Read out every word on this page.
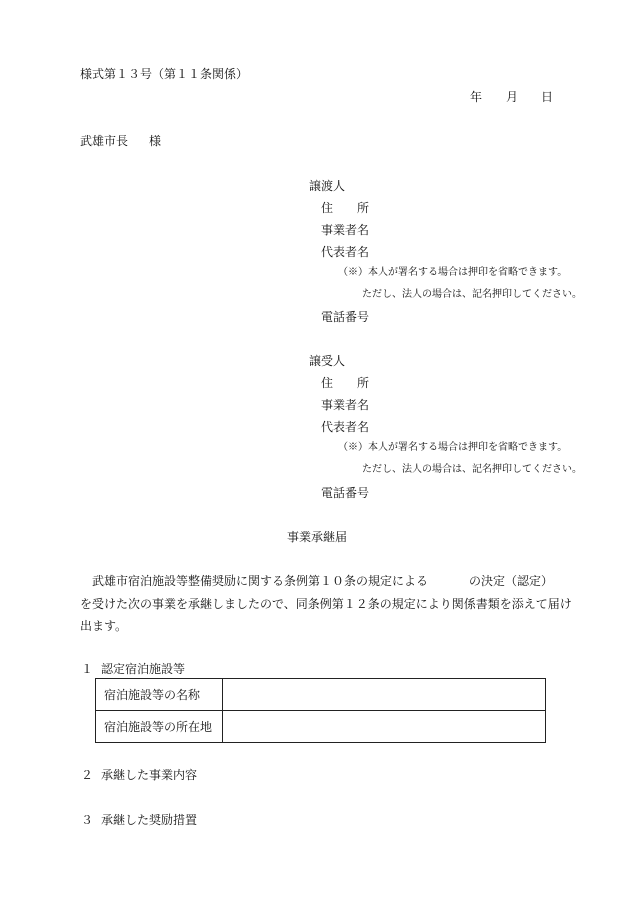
様式第１３号（第１１条関係）
年 月 日
武雄市長 様
譲渡人
住　　所
事業者名
代表者名
（※）本人が署名する場合は押印を省略できます。
ただし、法人の場合は、記名押印してください。
電話番号
譲受人
住　　所
事業者名
代表者名
（※）本人が署名する場合は押印を省略できます。
ただし、法人の場合は、記名押印してください。
電話番号
事業承継届
武雄市宿泊施設等整備奨励に関する条例第１０条の規定による	の決定（認定）
を受けた次の事業を承継しましたので、同条例第１２条の規定により関係書類を添えて届け
出ます。
１ 認定宿泊施設等
宿泊施設等の名称	
宿泊施設等の所在地	
２ 承継した事業内容
３ 承継した奨励措置
